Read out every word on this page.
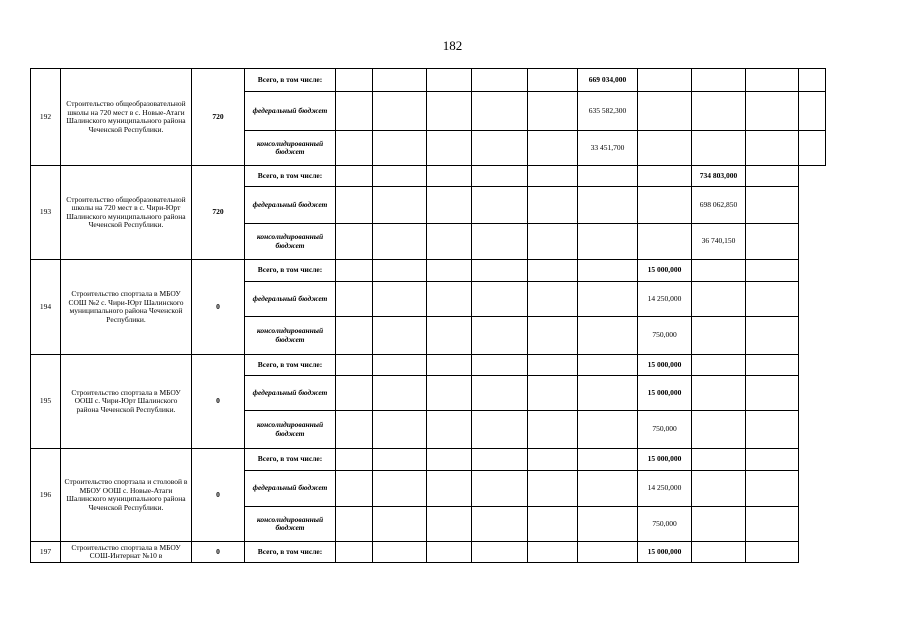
182
192	Строительство общеобразовательной школы на 720 мест в с. Новые-Атаги Шалинского муниципального района Чеченской Республики.	720	Всего, в том числе:						669 034,000				
			федеральный бюджет						635 582,300				
			консолидированный бюджет						33 451,700				
193	Строительство общеобразовательной школы на 720 мест в с. Чири-Юрт Шалинского муниципального района Чеченской Республики.	720	Всего, в том числе:								734 803,000		
			федеральный бюджет								698 062,850		
			консолидированный бюджет								36 740,150		
194	Строительство спортзала в МБОУ СОШ №2 с. Чири-Юрт Шалинского муниципального района Чеченской Республики.	0	Всего, в том числе:							15 000,000			
			федеральный бюджет							14 250,000			
			консолидированный бюджет							750,000			
195	Строительство спортзала в МБОУ ООШ с. Чири-Юрт Шалинского района Чеченской Республики.	0	Всего, в том числе:							15 000,000			
			федеральный бюджет							15 000,000			
			консолидированный бюджет							750,000			
196	Строительство спортзала и столовой в МБОУ ООШ с. Новые-Атаги Шалинского муниципального района Чеченской Республики.	0	Всего, в том числе:							15 000,000			
			федеральный бюджет							14 250,000			
			консолидированный бюджет							750,000			
197	Строительство спортзала в МБОУ СОШ-Интернат №10 в	0	Всего, в том числе:							15 000,000			
